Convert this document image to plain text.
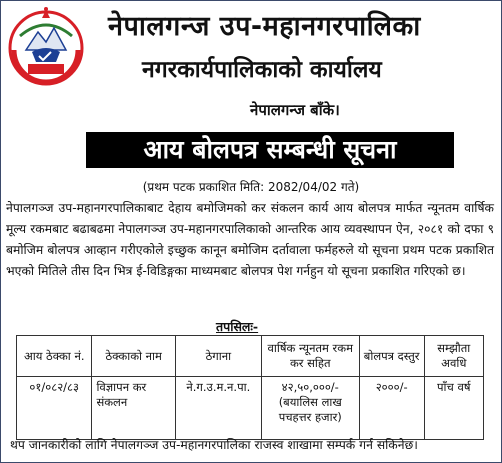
नेपालगन्ज उप-महानगरपालिका
नगरकार्यपालिकाको कार्यालय
नेपालगन्ज बाँके।
आय बोलपत्र सम्बन्धी सूचना
(प्रथम पटक प्रकाशित मिति: 2082/04/02 गते)
नेपालगञ्ज उप-महानगरपालिकाबाट देहाय बमोजिमको कर संकलन कार्य आय बोलपत्र मार्फत न्यूनतम वार्षिक मूल्य रकमबाट बढाबढमा नेपालगञ्ज उप-महानगरपालिकाको आन्तरिक आय व्यवस्थापन ऐन, २०८१ को दफा ९ बमोजिम बोलपत्र आव्हान गरीएकोले इच्छुक कानून बमोजिम दर्तावाला फर्महरुले यो सूचना प्रथम पटक प्रकाशित भएको मितिले तीस दिन भित्र ई-विडिङ्गका माध्यमबाट बोलपत्र पेश गर्नहुन यो सूचना प्रकाशित गरिएको छ।
तपसिलः-
आय ठेक्का नं.	ठेक्काको नाम	ठेगाना	वार्षिक न्यूनतम रकम कर सहित	बोलपत्र दस्तुर	सम्झौता अवधि
०१/०८२/८३	विज्ञापन कर संकलन	ने.ग.उ.म.न.पा.	४२,५०,०००/- (बयालिस लाख पचहत्तर हजार)	२०००/-	पाँच वर्ष
थप जानकारीको लागि नेपालगञ्ज उप-महानगरपालिका राजस्व शाखामा सम्पर्क गर्न सकिनेछ।
